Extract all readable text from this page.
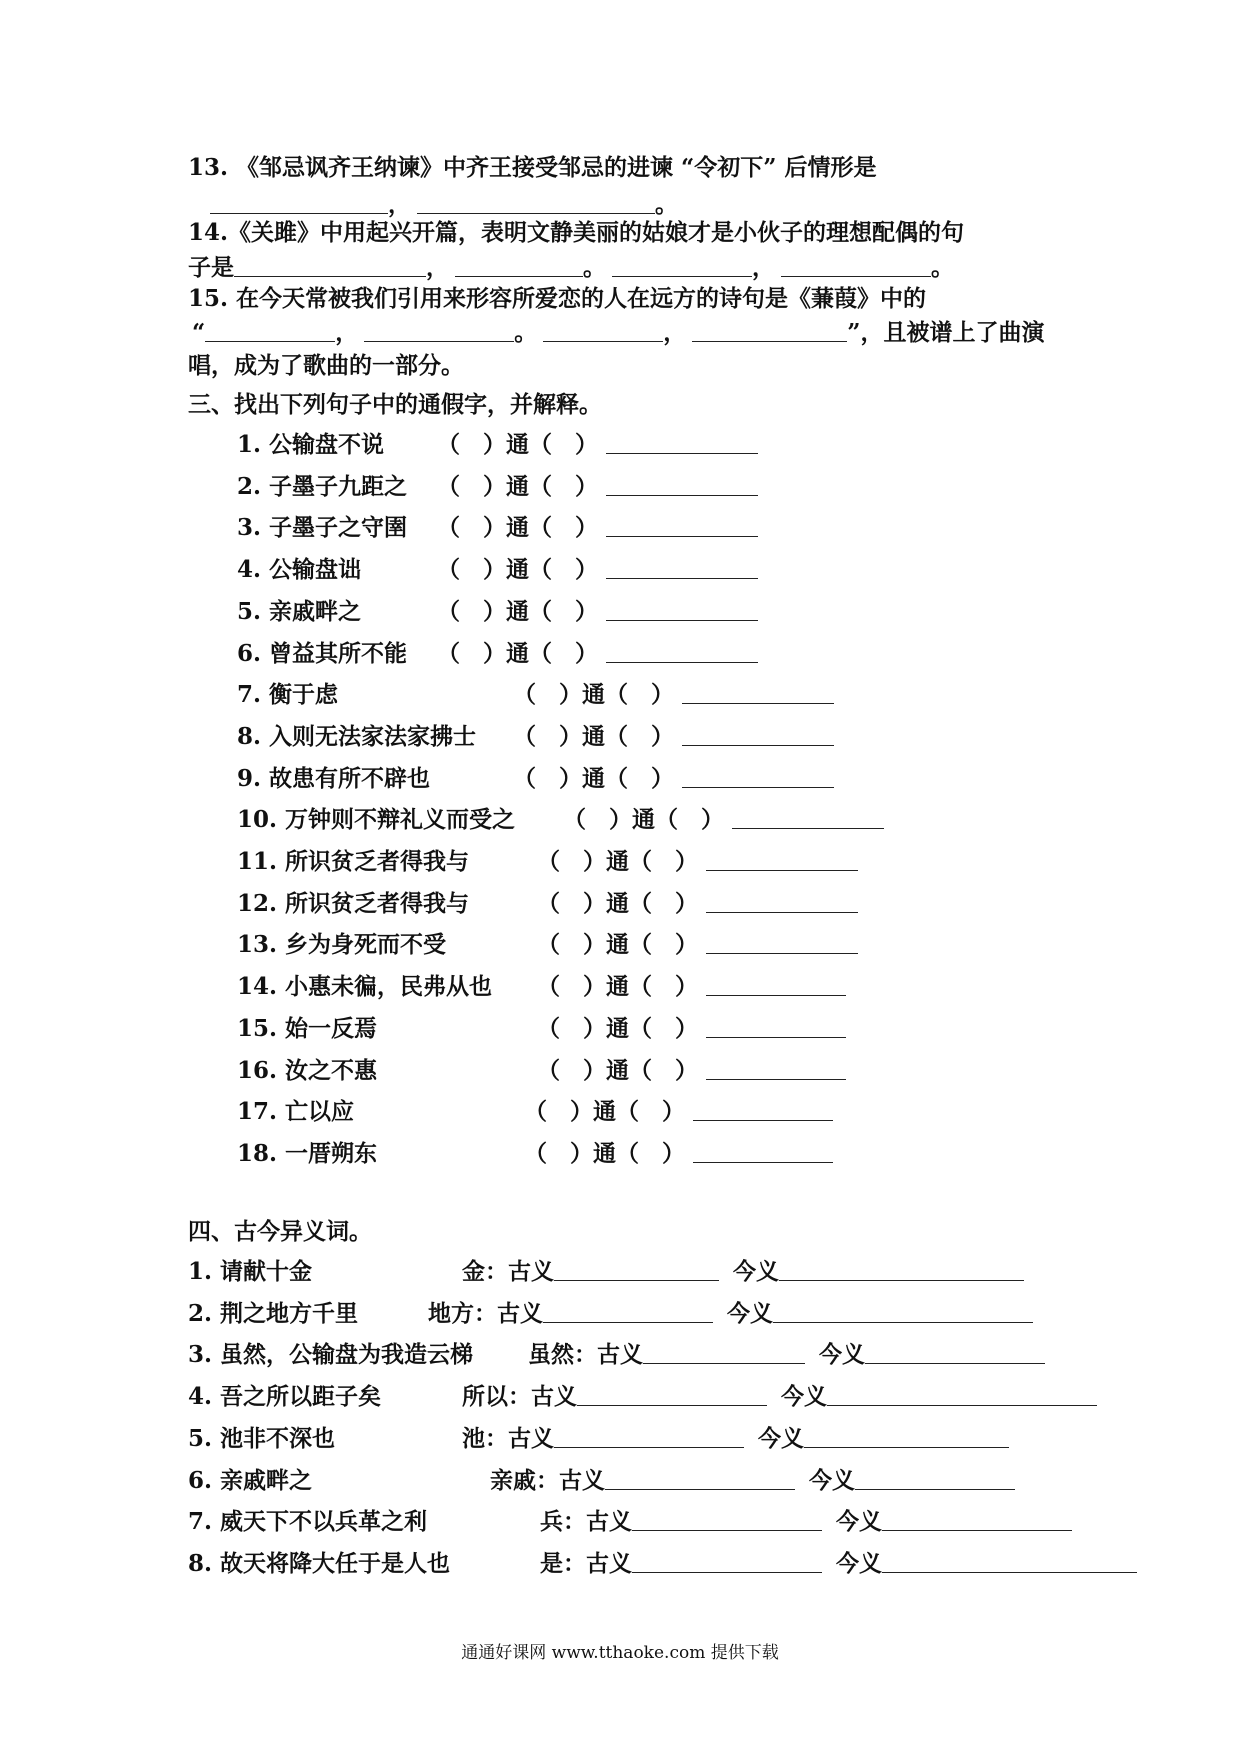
13. 《邹忌讽齐王纳谏》中齐王接受邹忌的进谏 “令初下” 后情形是
，	。
14.《关雎》中用起兴开篇，表明文静美丽的姑娘才是小伙子的理想配偶的句
子是	，	。	，	。
15. 在今天常被我们引用来形容所爱恋的人在远方的诗句是《蒹葭》中的
“	，	。	，	”，且被谱上了曲演
唱，成为了歌曲的一部分。
三、找出下列句子中的通假字，并解释。
1. 公输盘不说 （　）通（　）
2. 子墨子九距之 （　）通（　）
3. 子墨子之守圉 （　）通（　）
4. 公输盘诎	（　）通（　）
5. 亲戚畔之	（　）通（　）
6. 曾益其所不能 （　）通（　）
7. 衡于虑	（　）通（　）
8. 入则无法家法家拂士 （　）通（　）
9. 故患有所不辟也	（　）通（　）
10. 万钟则不辩礼义而受之 （　）通（　）
11. 所识贫乏者得我与	（　）通（　）
12. 所识贫乏者得我与	（　）通（　）
13. 乡为身死而不受	（　）通（　）
14. 小惠未徧，民弗从也 （　）通（　）
15. 始一反焉	（　）通（　）
16. 汝之不惠	（　）通（　）
17. 亡以应	（　）通（　）
18. 一厝朔东	（　）通（　）
四、古今异义词。
1. 请献十金	金：古义	今义
2. 荆之地方千里	地方：古义	今义
3. 虽然，公输盘为我造云梯 虽然：古义	今义
4. 吾之所以距子矣	所以：古义	今义
5. 池非不深也	池：古义	今义
6. 亲戚畔之	亲戚：古义	今义
7. 威天下不以兵革之利	兵：古义	今义
8. 故天将降大任于是人也	是：古义	今义
通通好课网 www.tthaoke.com 提供下载
